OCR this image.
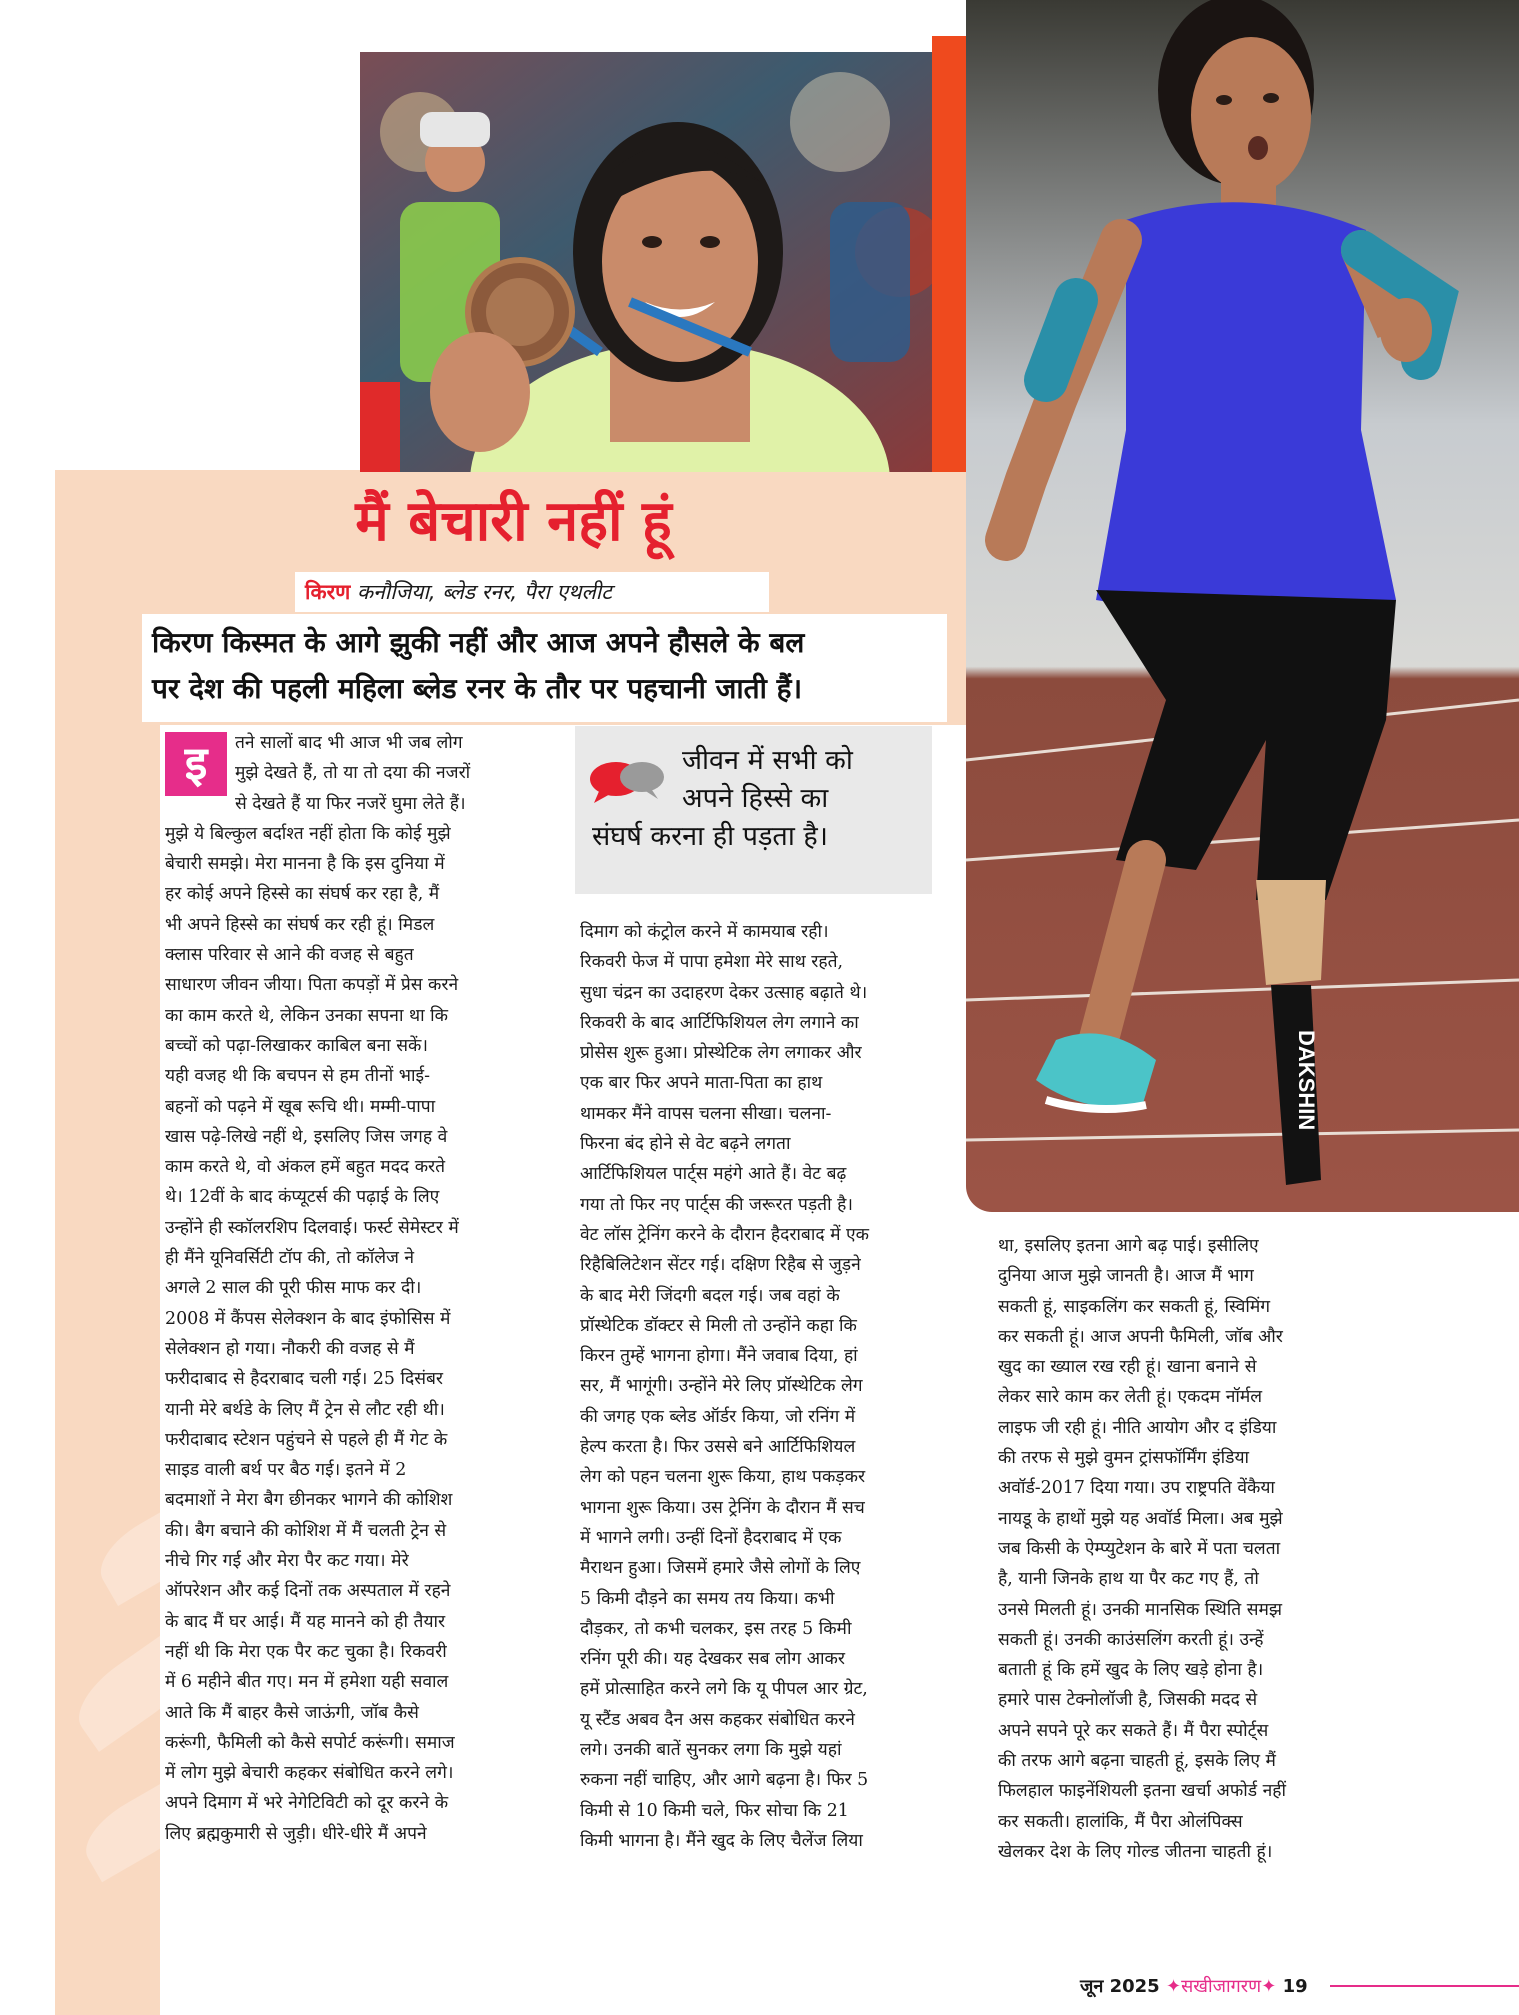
DAKSHIN
मैं बेचारी नहीं हूं
किरण कनौजिया, ब्लेड रनर, पैरा एथलीट
किरण किस्मत के आगे झुकी नहीं और आज अपने हौसले के बल
पर देश की पहली महिला ब्लेड रनर के तौर पर पहचानी जाती हैं।
इ	जीवन में सभी को
अपने हिस्से का
संघर्ष करना ही पड़ता है।

तने सालों बाद भी आज भी जब लोग

मुझे देखते हैं, तो या तो दया की नजरों

से देखते हैं या फिर नजरें घुमा लेते हैं।

मुझे ये बिल्कुल बर्दाश्त नहीं होता कि कोई मुझे

बेचारी समझे। मेरा मानना है कि इस दुनिया में

हर कोई अपने हिस्से का संघर्ष कर रहा है, मैं

भी अपने हिस्से का संघर्ष कर रही हूं। मिडल

क्लास परिवार से आने की वजह से बहुत

साधारण जीवन जीया। पिता कपड़ों में प्रेस करने

का काम करते थे, लेकिन उनका सपना था कि

बच्चों को पढ़ा-लिखाकर काबिल बना सकें।

यही वजह थी कि बचपन से हम तीनों भाई-

बहनों को पढ़ने में खूब रूचि थी। मम्मी-पापा

खास पढ़े-लिखे नहीं थे, इसलिए जिस जगह वे

काम करते थे, वो अंकल हमें बहुत मदद करते

थे। 12वीं के बाद कंप्यूटर्स की पढ़ाई के लिए

उन्होंने ही स्कॉलरशिप दिलवाई। फर्स्ट सेमेस्टर में

ही मैंने यूनिवर्सिटी टॉप की, तो कॉलेज ने

अगले 2 साल की पूरी फीस माफ कर दी।

2008 में कैंपस सेलेक्शन के बाद इंफोसिस में

सेलेक्शन हो गया। नौकरी की वजह से मैं

फरीदाबाद से हैदराबाद चली गई। 25 दिसंबर

यानी मेरे बर्थडे के लिए मैं ट्रेन से लौट रही थी।

फरीदाबाद स्टेशन पहुंचने से पहले ही मैं गेट के

साइड वाली बर्थ पर बैठ गई। इतने में 2

बदमाशों ने मेरा बैग छीनकर भागने की कोशिश

की। बैग बचाने की कोशिश में मैं चलती ट्रेन से

नीचे गिर गई और मेरा पैर कट गया। मेरे

ऑपरेशन और कई दिनों तक अस्पताल में रहने

के बाद मैं घर आई। मैं यह मानने को ही तैयार

नहीं थी कि मेरा एक पैर कट चुका है। रिकवरी

में 6 महीने बीत गए। मन में हमेशा यही सवाल

आते कि मैं बाहर कैसे जाऊंगी, जॉब कैसे

करूंगी, फैमिली को कैसे सपोर्ट करूंगी। समाज

में लोग मुझे बेचारी कहकर संबोधित करने लगे।

अपने दिमाग में भरे नेगेटिविटी को दूर करने के

लिए ब्रह्मकुमारी से जुड़ी। धीरे-धीरे मैं अपने

दिमाग को कंट्रोल करने में कामयाब रही।

रिकवरी फेज में पापा हमेशा मेरे साथ रहते,

सुधा चंद्रन का उदाहरण देकर उत्साह बढ़ाते थे।

रिकवरी के बाद आर्टिफिशियल लेग लगाने का

प्रोसेस शुरू हुआ। प्रोस्थेटिक लेग लगाकर और

एक बार फिर अपने माता-पिता का हाथ

थामकर मैंने वापस चलना सीखा। चलना-

फिरना बंद होने से वेट बढ़ने लगता

आर्टिफिशियल पार्ट्स महंगे आते हैं। वेट बढ़

गया तो फिर नए पार्ट्स की जरूरत पड़ती है।

वेट लॉस ट्रेनिंग करने के दौरान हैदराबाद में एक

रिहैबिलिटेशन सेंटर गई। दक्षिण रिहैब से जुड़ने

के बाद मेरी जिंदगी बदल गई। जब वहां के

प्रॉस्थेटिक डॉक्टर से मिली तो उन्होंने कहा कि

किरन तुम्हें भागना होगा। मैंने जवाब दिया, हां

सर, मैं भागूंगी। उन्होंने मेरे लिए प्रॉस्थेटिक लेग

की जगह एक ब्लेड ऑर्डर किया, जो रनिंग में

हेल्प करता है। फिर उससे बने आर्टिफिशियल

लेग को पहन चलना शुरू किया, हाथ पकड़कर

भागना शुरू किया। उस ट्रेनिंग के दौरान मैं सच

में भागने लगी। उन्हीं दिनों हैदराबाद में एक

मैराथन हुआ। जिसमें हमारे जैसे लोगों के लिए

5 किमी दौड़ने का समय तय किया। कभी

दौड़कर, तो कभी चलकर, इस तरह 5 किमी

रनिंग पूरी की। यह देखकर सब लोग आकर

हमें प्रोत्साहित करने लगे कि यू पीपल आर ग्रेट,

यू स्टैंड अबव दैन अस कहकर संबोधित करने

लगे। उनकी बातें सुनकर लगा कि मुझे यहां

रुकना नहीं चाहिए, और आगे बढ़ना है। फिर 5

किमी से 10 किमी चले, फिर सोचा कि 21

किमी भागना है। मैंने खुद के लिए चैलेंज लिया

था, इसलिए इतना आगे बढ़ पाई। इसीलिए

दुनिया आज मुझे जानती है। आज मैं भाग

सकती हूं, साइकलिंग कर सकती हूं, स्विमिंग

कर सकती हूं। आज अपनी फैमिली, जॉब और

खुद का ख्याल रख रही हूं। खाना बनाने से

लेकर सारे काम कर लेती हूं। एकदम नॉर्मल

लाइफ जी रही हूं। नीति आयोग और द इंडिया

की तरफ से मुझे वुमन ट्रांसफॉर्मिंग इंडिया

अवॉर्ड-2017 दिया गया। उप राष्ट्रपति वेंकैया

नायडू के हाथों मुझे यह अवॉर्ड मिला। अब मुझे

जब किसी के ऐम्प्युटेशन के बारे में पता चलता

है, यानी जिनके हाथ या पैर कट गए हैं, तो

उनसे मिलती हूं। उनकी मानसिक स्थिति समझ

सकती हूं। उनकी काउंसलिंग करती हूं। उन्हें

बताती हूं कि हमें खुद के लिए खड़े होना है।

हमारे पास टेक्नोलॉजी है, जिसकी मदद से

अपने सपने पूरे कर सकते हैं। मैं पैरा स्पोर्ट्स

की तरफ आगे बढ़ना चाहती हूं, इसके लिए मैं

फिलहाल फाइनेंशियली इतना खर्चा अफोर्ड नहीं

कर सकती। हालांकि, मैं पैरा ओलंपिक्स

खेलकर देश के लिए गोल्ड जीतना चाहती हूं।

जून 2025 ✦सखीजागरण✦ 19
